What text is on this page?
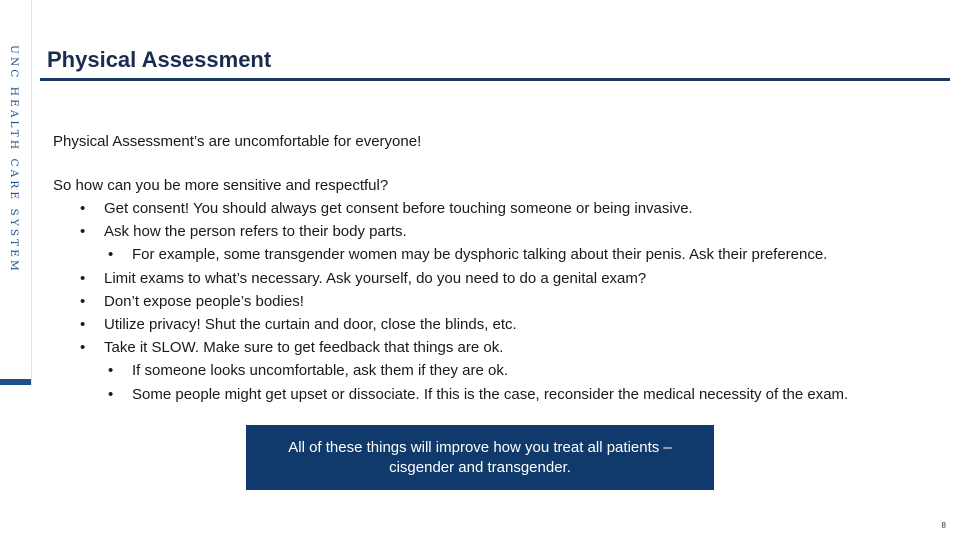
UNC HEALTH CARE SYSTEM Physical Assessment

Physical Assessment’s are uncomfortable for everyone!

So how can you be more sensitive and respectful?

• Get consent! You should always get consent before touching someone or being invasive.
• Ask how the person refers to their body parts.
• For example, some transgender women may be dysphoric talking about their penis. Ask their preference.
• Limit exams to what’s necessary. Ask yourself, do you need to do a genital exam?
• Don’t expose people’s bodies!
• Utilize privacy! Shut the curtain and door, close the blinds, etc.
• Take it SLOW. Make sure to get feedback that things are ok.
• If someone looks uncomfortable, ask them if they are ok.
• Some people might get upset or dissociate. If this is the case, reconsider the medical necessity of the exam.
All of these things will improve how you treat all patients –
cisgender and transgender.
8
